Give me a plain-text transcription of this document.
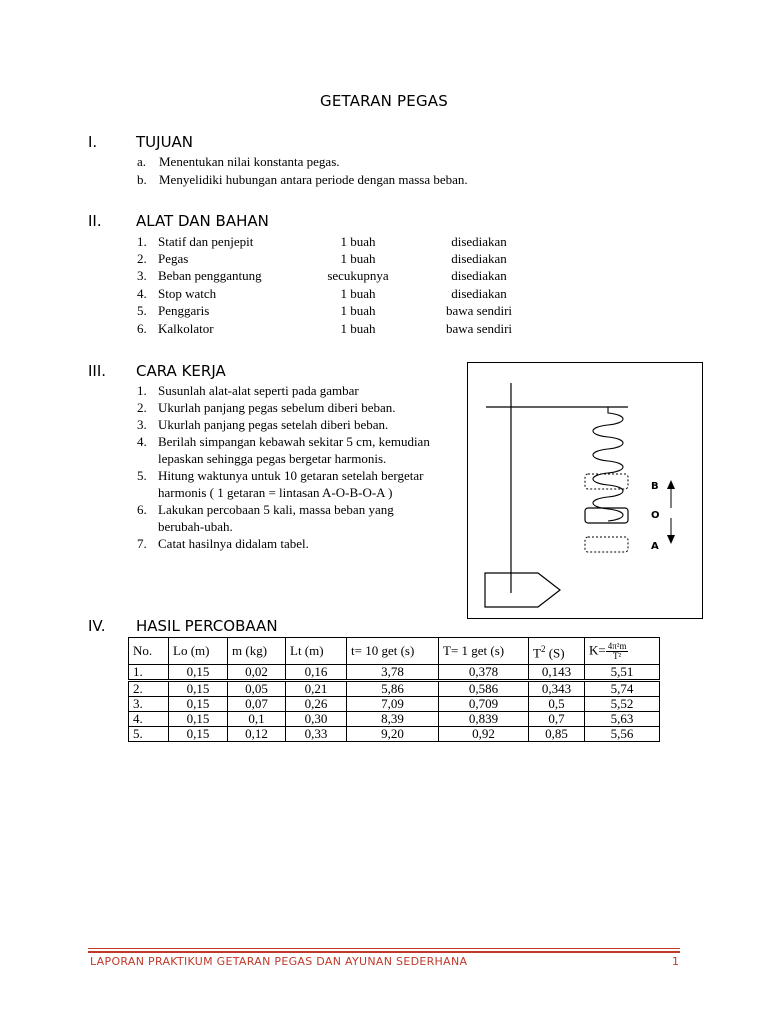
GETARAN PEGAS
I.	TUJUAN
a. Menentukan nilai konstanta pegas.
b. Menyelidiki hubungan antara periode dengan massa beban.
II. ALAT DAN BAHAN
1. Statif dan penjepit	1 buah	disediakan
2. Pegas	1 buah	disediakan
3. Beban penggantung	secukupnya	disediakan
4. Stop watch	1 buah	disediakan
5. Penggaris	1 buah	bawa sendiri
6. Kalkolator	1 buah	bawa sendiri
III. CARA KERJA
1. Susunlah alat-alat seperti pada gambar
2. Ukurlah panjang pegas sebelum diberi beban.
3. Ukurlah panjang pegas setelah diberi beban.
4. Berilah simpangan kebawah sekitar 5 cm, kemudian lepaskan sehingga pegas bergetar harmonis.
5. Hitung waktunya untuk 10 getaran setelah bergetar harmonis ( 1 getaran = lintasan A-O-B-O-A )
6. Lakukan percobaan 5 kali, massa beban yang berubah-ubah.
7. Catat hasilnya didalam tabel.
B
O
A
IV. HASIL PERCOBAAN
No.	Lo (m)	m (kg)	Lt (m)	t= 10 get (s)	T= 1 get (s)	$T^2$ (S)	$K= \frac{\text{4π²m}}{\text{T²}}$

1.	0,15	0,02	0,16	3,78	0,378	0,143	5,51
2.	0,15	0,05	0,21	5,86	0,586	0,343	5,74
3.	0,15	0,07	0,26	7,09	0,709	0,5	5,52
4.	0,15	0,1	0,30	8,39	0,839	0,7	5,63
5.	0,15	0,12	0,33	9,20	0,92	0,85	5,56
LAPORAN PRAKTIKUM GETARAN PEGAS DAN AYUNAN SEDERHANA	1
